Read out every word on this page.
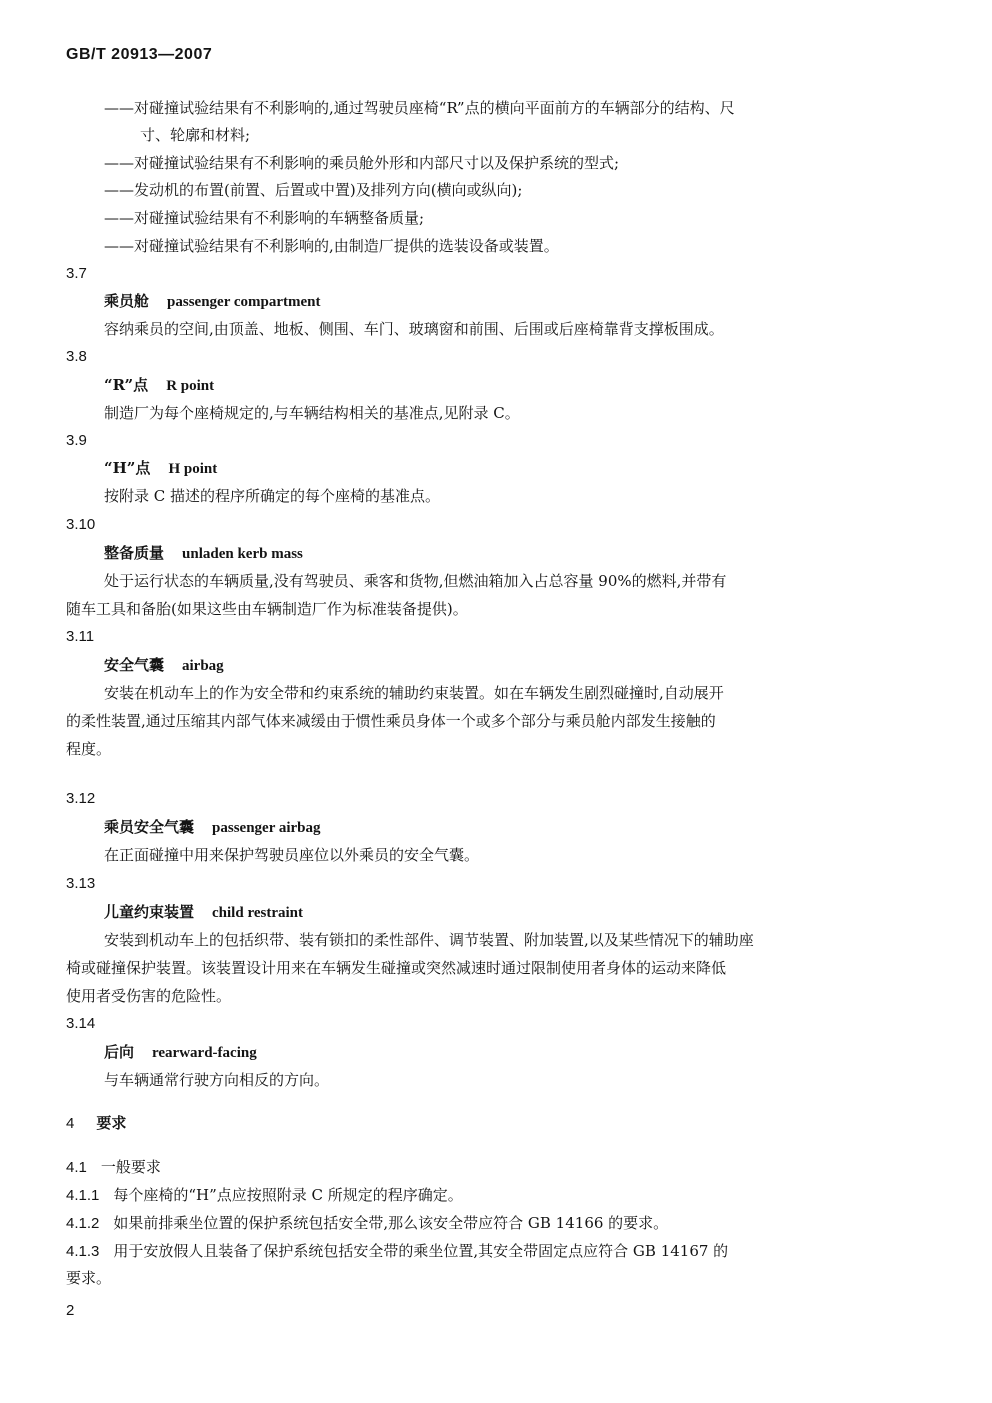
GB/T 20913—2007
——对碰撞试验结果有不利影响的,通过驾驶员座椅“R”点的横向平面前方的车辆部分的结构、尺
寸、轮廓和材料;
——对碰撞试验结果有不利影响的乘员舱外形和内部尺寸以及保护系统的型式;
——发动机的布置(前置、后置或中置)及排列方向(横向或纵向);
——对碰撞试验结果有不利影响的车辆整备质量;
——对碰撞试验结果有不利影响的,由制造厂提供的选装设备或装置。
3.7
乘员舱 passenger compartment
容纳乘员的空间,由顶盖、地板、侧围、车门、玻璃窗和前围、后围或后座椅靠背支撑板围成。
3.8
“R”点 R point
制造厂为每个座椅规定的,与车辆结构相关的基准点,见附录 C。
3.9
“H”点 H point
按附录 C 描述的程序所确定的每个座椅的基准点。
3.10
整备质量 unladen kerb mass
处于运行状态的车辆质量,没有驾驶员、乘客和货物,但燃油箱加入占总容量 90%的燃料,并带有
随车工具和备胎(如果这些由车辆制造厂作为标准装备提供)。
3.11
安全气囊 airbag
安装在机动车上的作为安全带和约束系统的辅助约束装置。如在车辆发生剧烈碰撞时,自动展开
的柔性装置,通过压缩其内部气体来减缓由于惯性乘员身体一个或多个部分与乘员舱内部发生接触的
程度。
3.12
乘员安全气囊 passenger airbag
在正面碰撞中用来保护驾驶员座位以外乘员的安全气囊。
3.13
儿童约束装置 child restraint
安装到机动车上的包括织带、装有锁扣的柔性部件、调节装置、附加装置,以及某些情况下的辅助座
椅或碰撞保护装置。该装置设计用来在车辆发生碰撞或突然减速时通过限制使用者身体的运动来降低
使用者受伤害的危险性。
3.14
后向 rearward-facing
与车辆通常行驶方向相反的方向。
4 要求
4.1 一般要求
4.1.1 每个座椅的“H”点应按照附录 C 所规定的程序确定。
4.1.2 如果前排乘坐位置的保护系统包括安全带,那么该安全带应符合 GB 14166 的要求。
4.1.3 用于安放假人且装备了保护系统包括安全带的乘坐位置,其安全带固定点应符合 GB 14167 的
要求。
2
